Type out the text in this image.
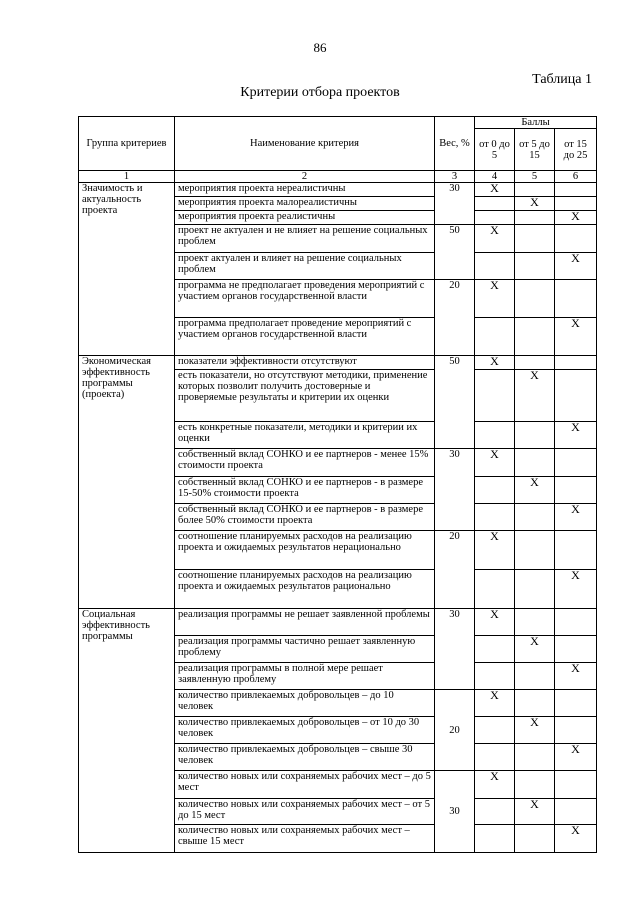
86
Таблица 1
Критерии отбора проектов
Группа критериев	Наименование критерия	Вес, %	Баллы		
			от 0 до 5	от 5 до 15	от 15 до 25
1	2	3	4	5	6
Значимость и актуальность проекта	мероприятия проекта нереалистичны	30	X		
	мероприятия проекта малореалистичны			X	
	мероприятия проекта реалистичны				X
	проект не актуален и не влияет на решение социальных проблем	50	X		
	проект актуален и влияет на решение социальных проблем				X
	программа не предполагает проведения мероприятий с участием органов государственной власти	20	X		
	программа предполагает проведение мероприятий с участием органов государственной власти				X
Экономическая эффективность программы (проекта)	показатели эффективности отсутствуют	50	X		
	есть показатели, но отсутствуют методики, применение которых позволит получить достоверные и проверяемые результаты и критерии их оценки			X	
	есть конкретные показатели, методики и критерии их оценки				X
	собственный вклад СОНКО и ее партнеров - менее 15% стоимости проекта	30	X		
	собственный вклад СОНКО и ее партнеров - в размере 15-50% стоимости проекта			X	
	собственный вклад СОНКО и ее партнеров - в размере более 50% стоимости проекта				X
	соотношение планируемых расходов на реализацию проекта и ожидаемых результатов нерационально	20	X		
	соотношение планируемых расходов на реализацию проекта и ожидаемых результатов рационально				X
Социальная эффективность программы	реализация программы не решает заявленной проблемы	30	X		
	реализация программы частично решает заявленную проблему			X	
	реализация программы в полной мере решает заявленную проблему				X
	количество привлекаемых добровольцев – до 10 человек	20	X		
	количество привлекаемых добровольцев – от 10 до 30 человек			X	
	количество привлекаемых добровольцев – свыше 30 человек				X
	количество новых или сохраняемых рабочих мест – до 5 мест	30	X		
	количество новых или сохраняемых рабочих мест – от 5 до 15 мест			X	
	количество новых или сохраняемых рабочих мест – свыше 15 мест				X
